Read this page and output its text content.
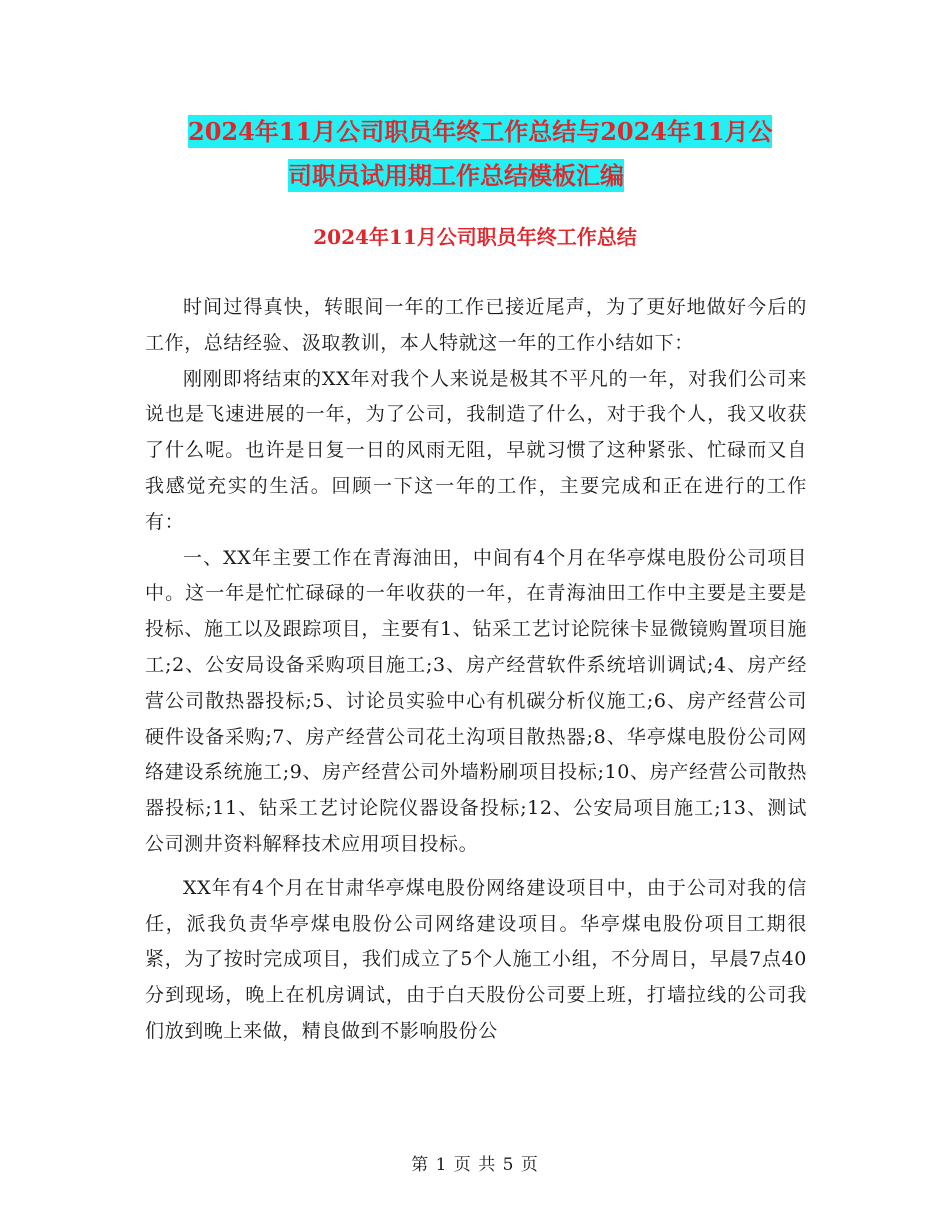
2024年11月公司职员年终工作总结与2024年11月公
司职员试用期工作总结模板汇编
2024年11月公司职员年终工作总结

时间过得真快，转眼间一年的工作已接近尾声，为了更好地做好今后的工作，总结经验、汲取教训，本人特就这一年的工作小结如下：

刚刚即将结束的XX年对我个人来说是极其不平凡的一年，对我们公司来说也是飞速进展的一年，为了公司，我制造了什么，对于我个人，我又收获了什么呢。也许是日复一日的风雨无阻，早就习惯了这种紧张、忙碌而又自我感觉充实的生活。回顾一下这一年的工作，主要完成和正在进行的工作有：

一、XX年主要工作在青海油田，中间有4个月在华亭煤电股份公司项目中。这一年是忙忙碌碌的一年收获的一年，在青海油田工作中主要是主要是投标、施工以及跟踪项目，主要有1、钻采工艺讨论院徕卡显微镜购置项目施工;2、公安局设备采购项目施工;3、房产经营软件系统培训调试;4、房产经营公司散热器投标;5、讨论员实验中心有机碳分析仪施工;6、房产经营公司硬件设备采购;7、房产经营公司花土沟项目散热器;8、华亭煤电股份公司网络建设系统施工;9、房产经营公司外墙粉刷项目投标;10、房产经营公司散热器投标;11、钻采工艺讨论院仪器设备投标;12、公安局项目施工;13、测试公司测井资料解释技术应用项目投标。

XX年有4个月在甘肃华亭煤电股份网络建设项目中，由于公司对我的信任，派我负责华亭煤电股份公司网络建设项目。华亭煤电股份项目工期很紧，为了按时完成项目，我们成立了5个人施工小组，不分周日，早晨7点40分到现场，晚上在机房调试，由于白天股份公司要上班，打墙拉线的公司我们放到晚上来做，精良做到不影响股份公

第 1 页 共 5 页
